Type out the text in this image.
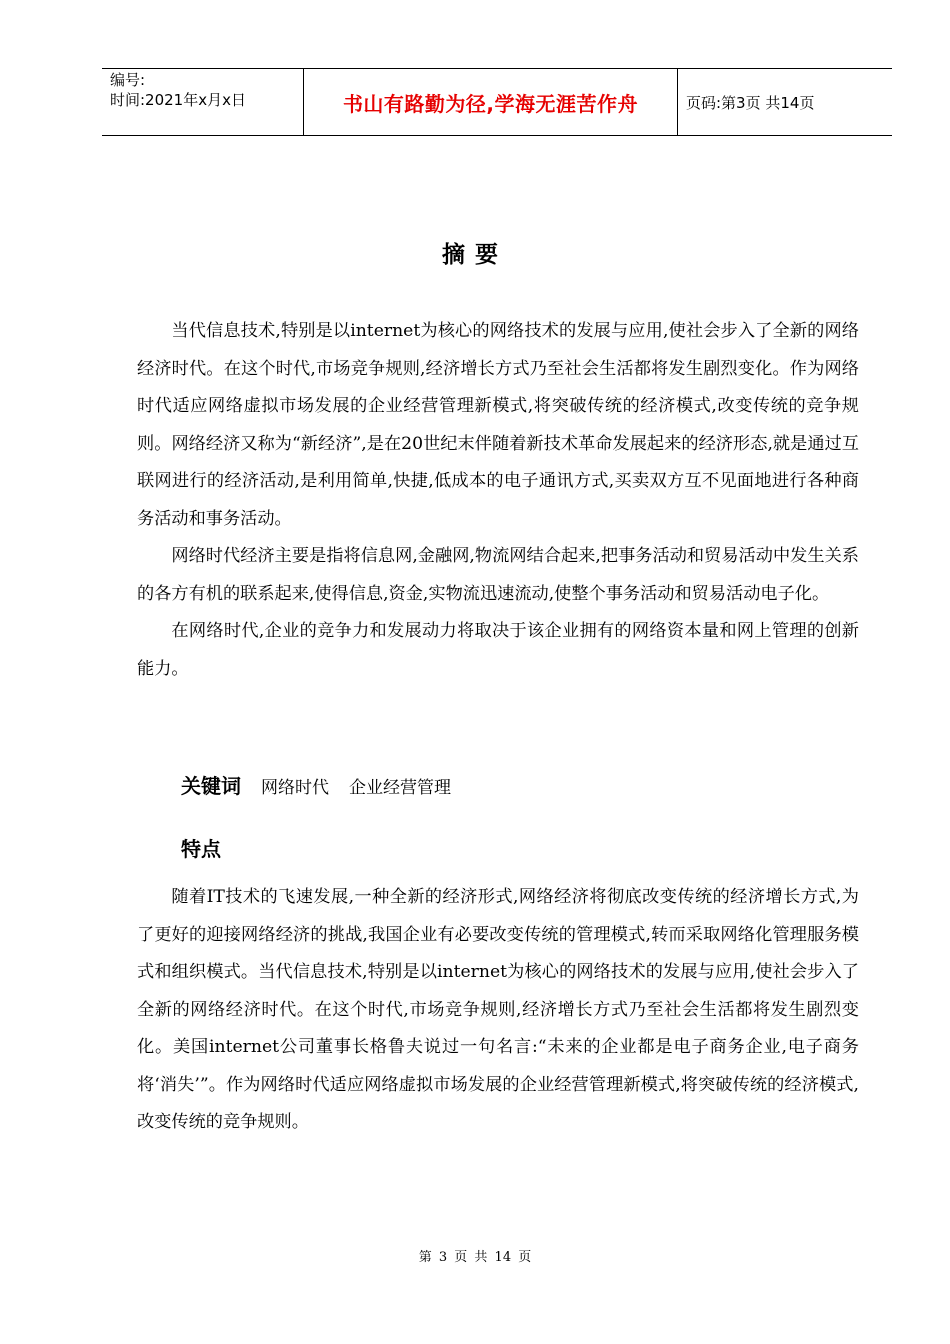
编号:
时间:2021年x月x日	书山有路勤为径,学海无涯苦作舟	页码:第3页 共14页
摘要

当代信息技术,特别是以internet为核心的网络技术的发展与应用,使社会步入了全新的网络经济时代。在这个时代,市场竞争规则,经济增长方式乃至社会生活都将发生剧烈变化。作为网络时代适应网络虚拟市场发展的企业经营管理新模式,将突破传统的经济模式,改变传统的竞争规则。网络经济又称为“新经济”,是在20世纪末伴随着新技术革命发展起来的经济形态,就是通过互联网进行的经济活动,是利用简单,快捷,低成本的电子通讯方式,买卖双方互不见面地进行各种商务活动和事务活动。

网络时代经济主要是指将信息网,金融网,物流网结合起来,把事务活动和贸易活动中发生关系的各方有机的联系起来,使得信息,资金,实物流迅速流动,使整个事务活动和贸易活动电子化。

在网络时代,企业的竞争力和发展动力将取决于该企业拥有的网络资本量和网上管理的创新能力。

关键词 网络时代 企业经营管理
特点

随着IT技术的飞速发展,一种全新的经济形式,网络经济将彻底改变传统的经济增长方式,为了更好的迎接网络经济的挑战,我国企业有必要改变传统的管理模式,转而采取网络化管理服务模式和组织模式。当代信息技术,特别是以internet为核心的网络技术的发展与应用,使社会步入了全新的网络经济时代。在这个时代,市场竞争规则,经济增长方式乃至社会生活都将发生剧烈变化。美国internet公司董事长格鲁夫说过一句名言:“未来的企业都是电子商务企业,电子商务将‘消失’”。作为网络时代适应网络虚拟市场发展的企业经营管理新模式,将突破传统的经济模式,改变传统的竞争规则。

第 3 页 共 14 页
